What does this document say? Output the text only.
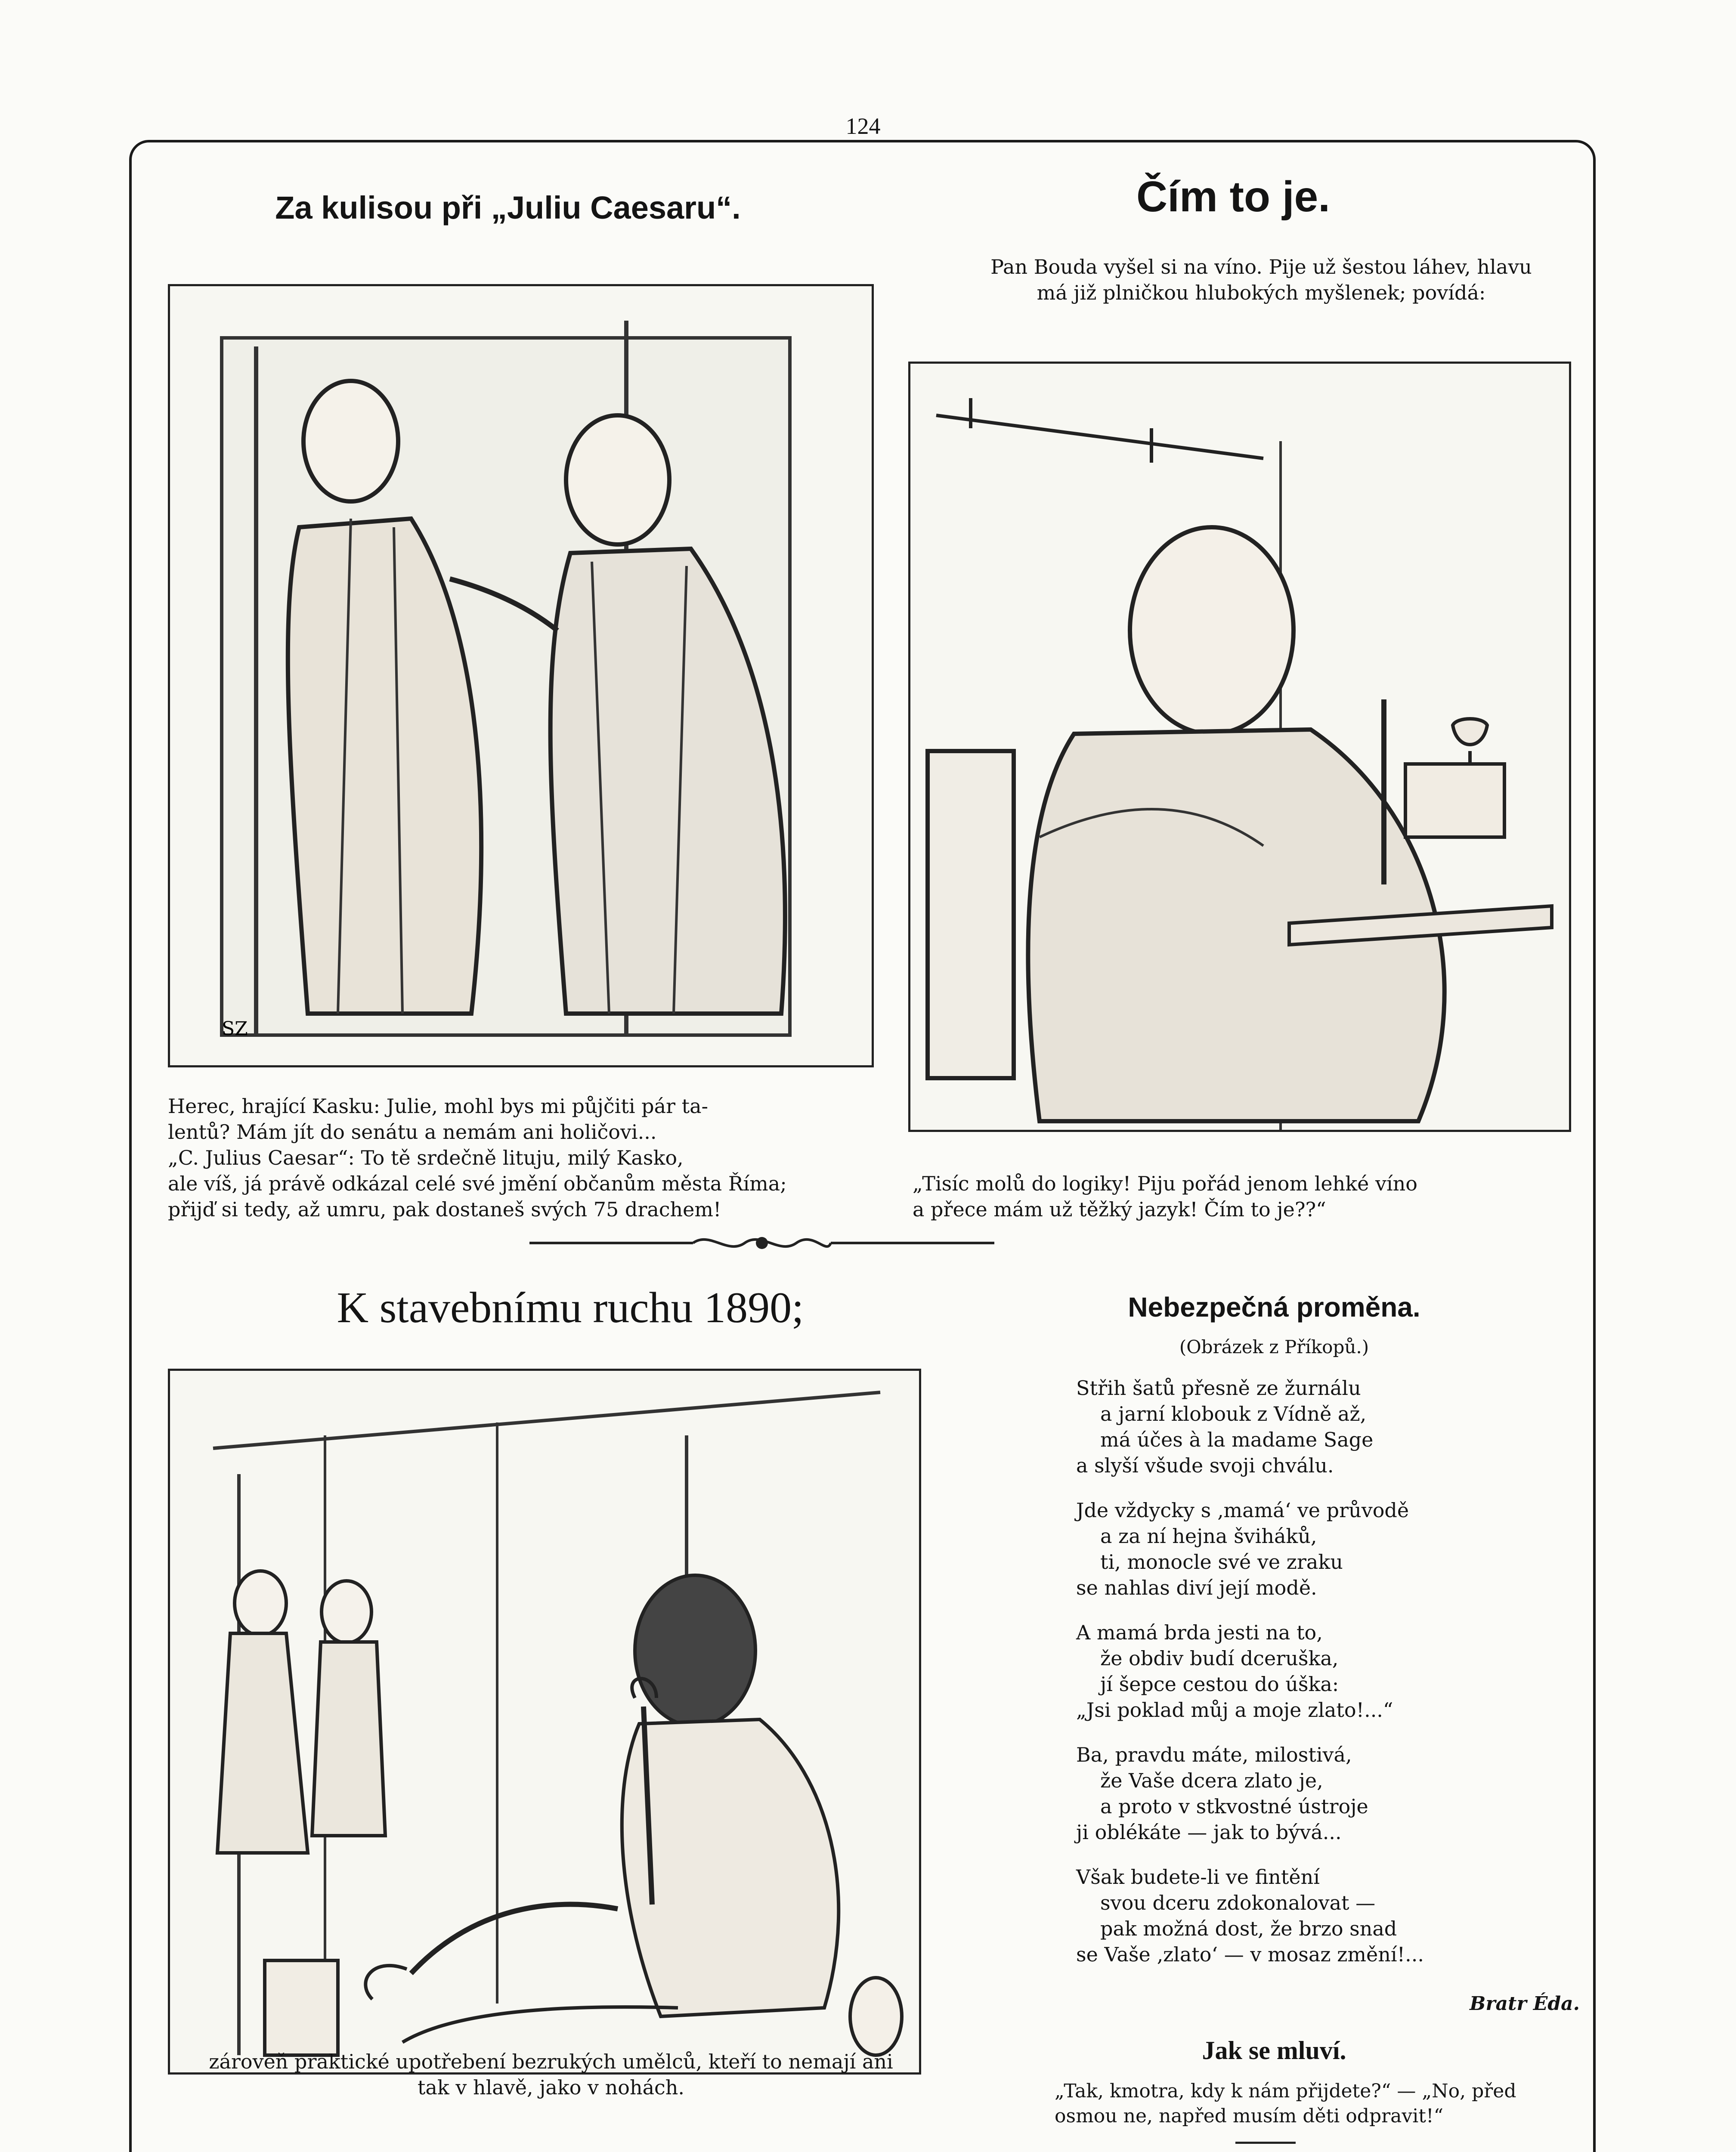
124
Za kulisou při „Juliu Caesaru“.
SZ

Herec, hrající Kasku: Julie, mohl bys mi půjčiti pár ta-

lentů? Mám jít do senátu a nemám ani holičovi...

„C. Julius Caesar“: To tě srdečně lituju, milý Kasko,

ale víš, já právě odkázal celé své jmění občanům města Říma;

přijď si tedy, až umru, pak dostaneš svých 75 drachem!

Čím to je.

Pan Bouda vyšel si na víno. Pije už šestou láhev, hlavu

má již plničkou hlubokých myšlenek; povídá:

„Tisíc molů do logiky! Piju pořád jenom lehké víno

a přece mám už těžký jazyk! Čím to je??“

K stavebnímu ruchu 1890;

zároveň praktické upotřebení bezrukých umělců, kteří to nemají ani

tak v hlavě, jako v nohách.

Nebezpečná proměna.
(Obrázek z Příkopů.)
Střih šatů přesně ze žurnálu
a jarní klobouk z Vídně až,
má účes à la madame Sage
a slyší všude svoji chválu.
Jde vždycky s ‚mamá‘ ve průvodě
a za ní hejna šviháků,
ti, monocle své ve zraku
se nahlas diví její modě.
A mamá brda jesti na to,
že obdiv budí dceruška,
jí šepce cestou do úška:
„Jsi poklad můj a moje zlato!...“
Ba, pravdu máte, milostivá,
že Vaše dcera zlato je,
a proto v stkvostné ústroje
ji oblékáte — jak to bývá...
Však budete-li ve fintění
svou dceru zdokonalovat —
pak možná dost, že brzo snad
se Vaše ‚zlato‘ — v mosaz změní!...
Bratr Éda.
Jak se mluví.

„Tak, kmotra, kdy k nám přijdete?“ — „No, před

osmou ne, napřed musím děti odpravit!“
